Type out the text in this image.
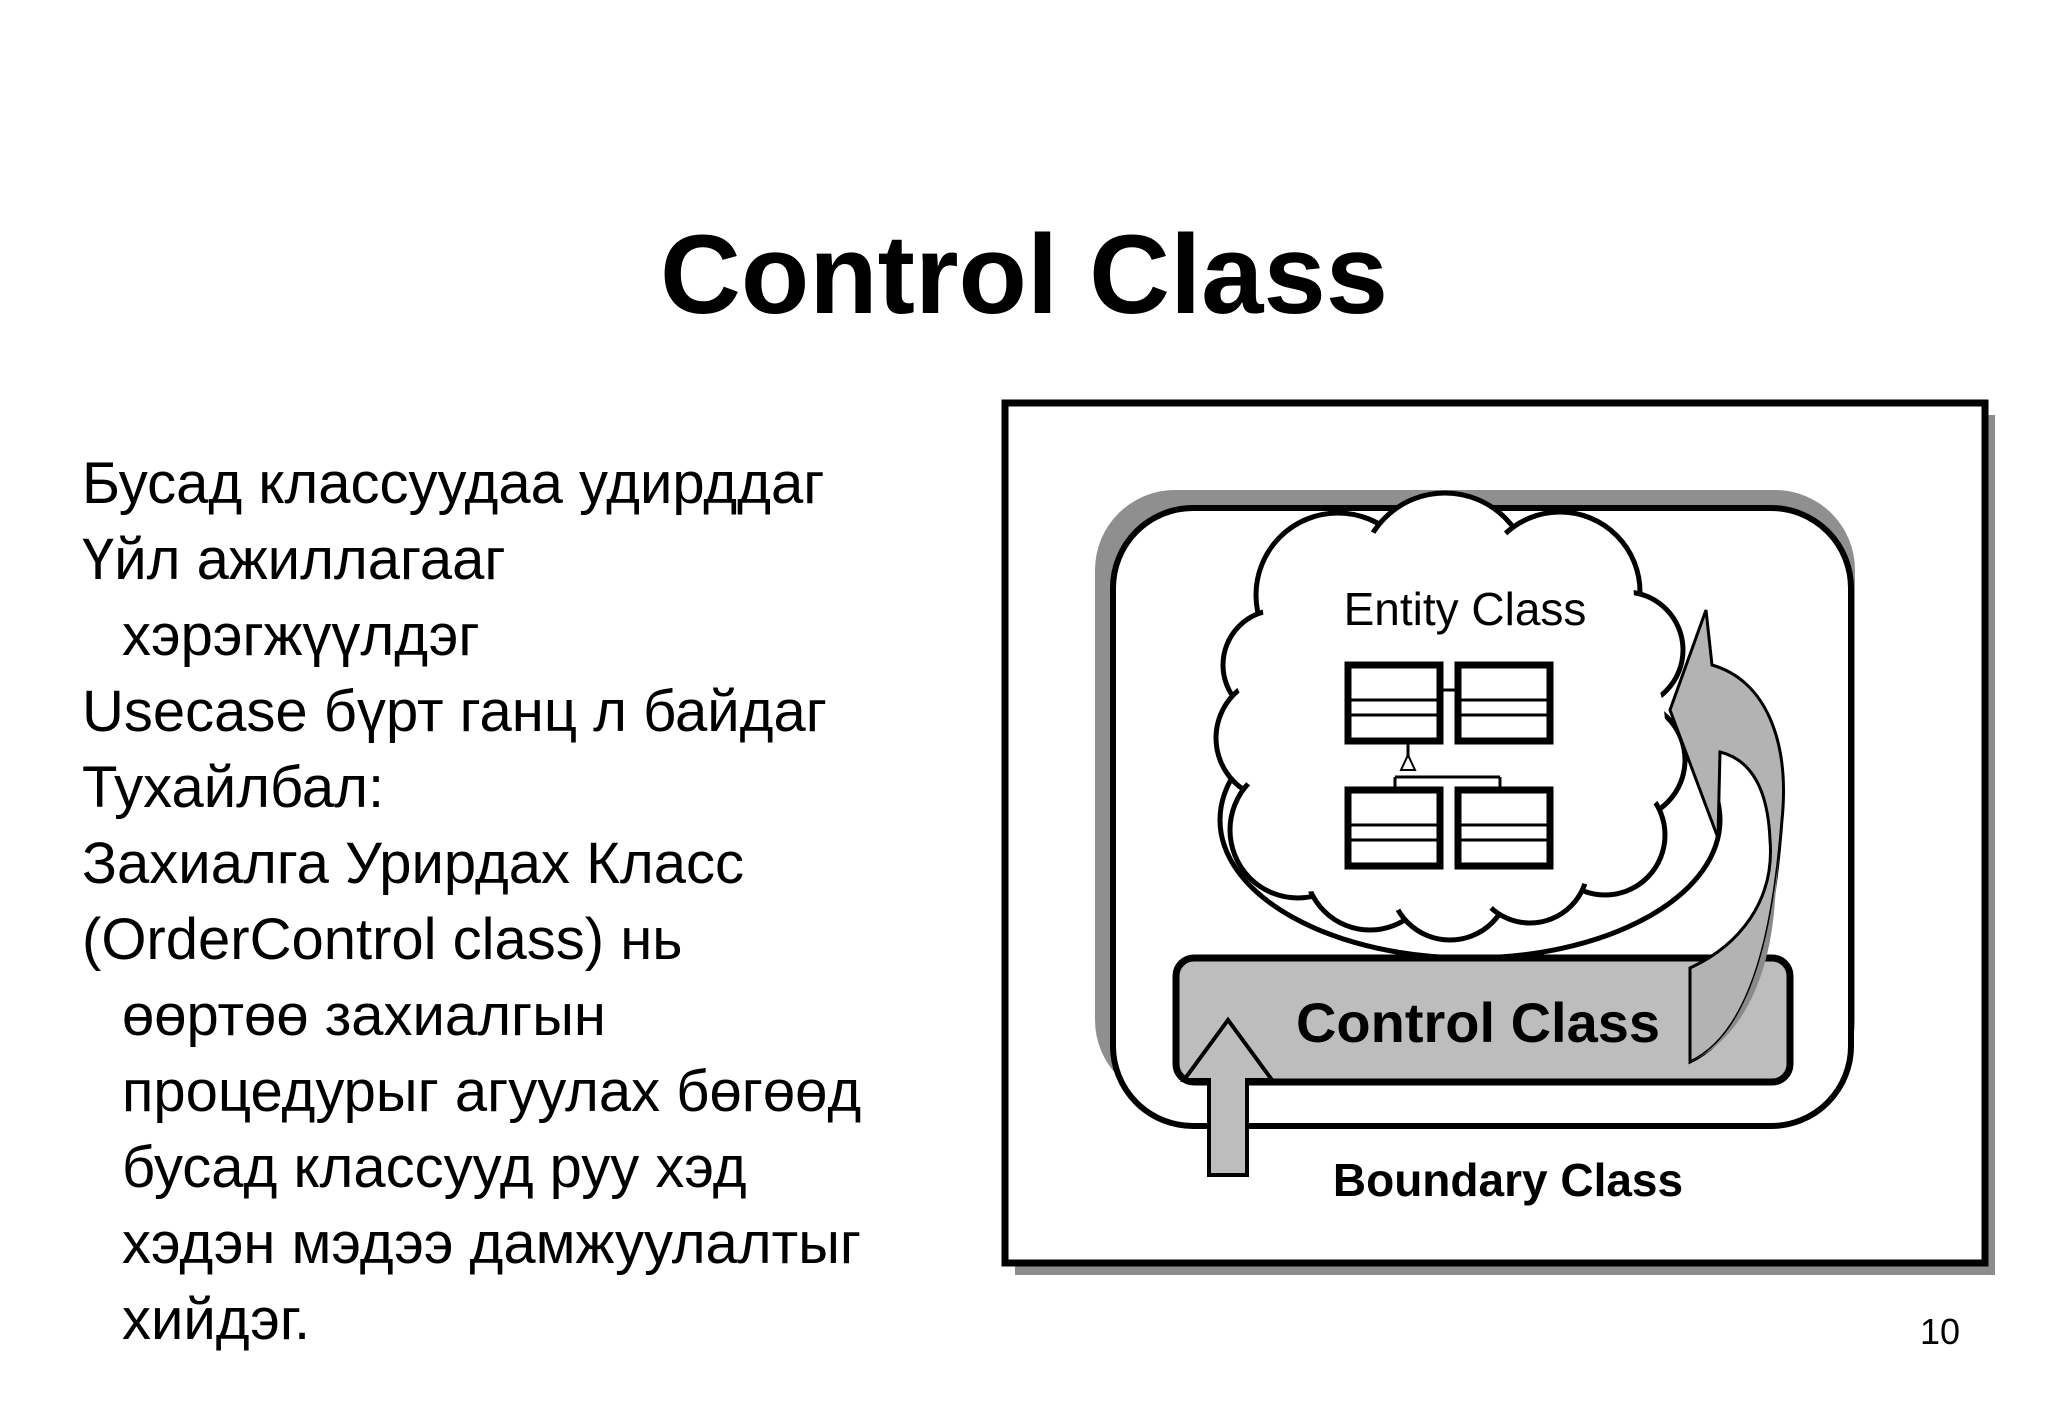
Control Class
Бусад классуудаа удирддаг
Үйл ажиллагааг
хэрэгжүүлдэг
Usecase бүрт ганц л байдаг
Тухайлбал:
Захиалга Урирдах Класс
(OrderControl class) нь
өөртөө захиалгын
процедурыг агуулах бөгөөд
бусад классууд руу хэд
хэдэн мэдээ дамжуулалтыг
хийдэг.
Entity Class
Control Class
Boundary Class
10
